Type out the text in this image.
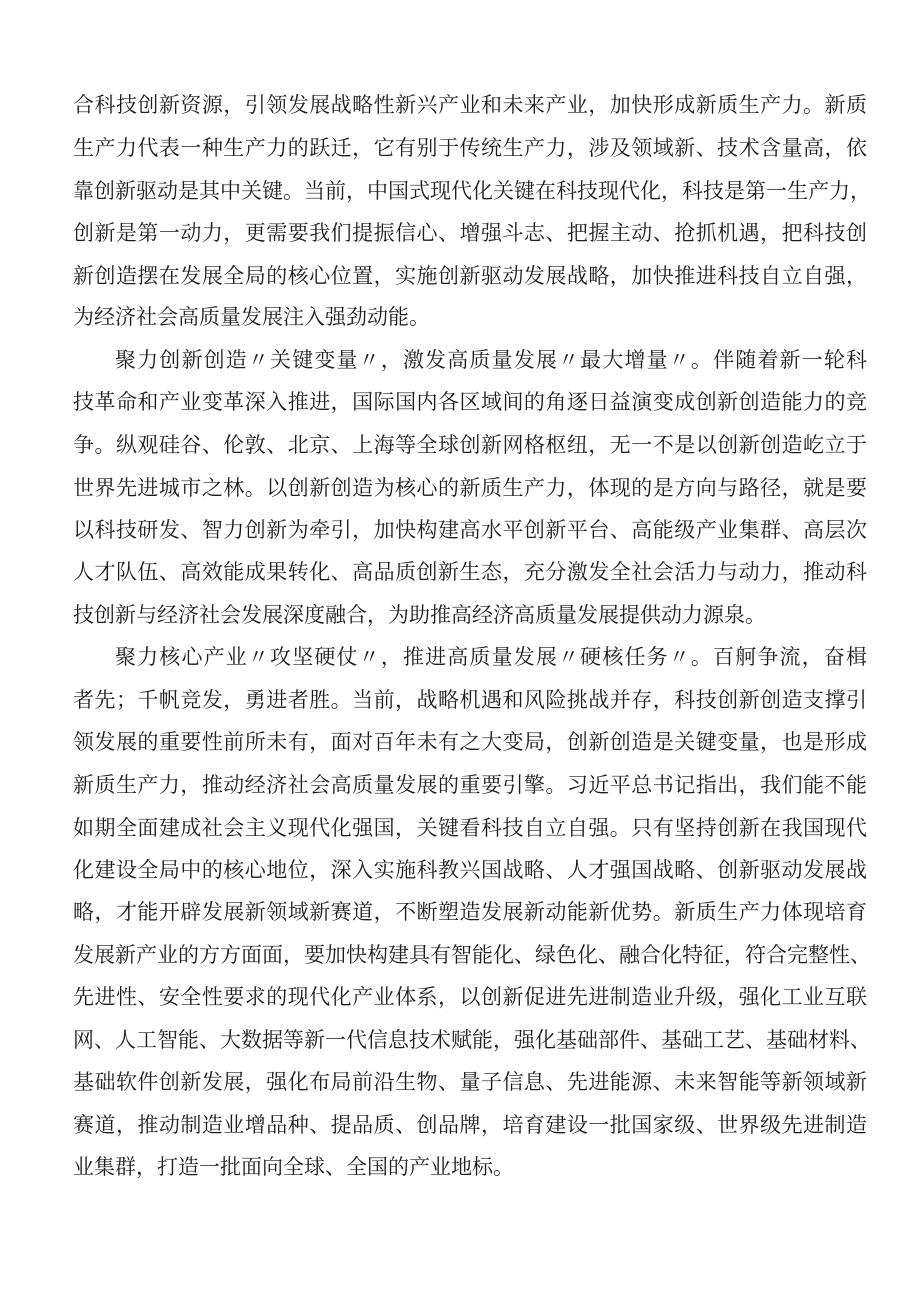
合科技创新资源，引领发展战略性新兴产业和未来产业，加快形成新质生产力。新质
生产力代表一种生产力的跃迁，它有别于传统生产力，涉及领域新、技术含量高，依
靠创新驱动是其中关键。当前，中国式现代化关键在科技现代化，科技是第一生产力，
创新是第一动力，更需要我们提振信心、增强斗志、把握主动、抢抓机遇，把科技创
新创造摆在发展全局的核心位置，实施创新驱动发展战略，加快推进科技自立自强，
为经济社会高质量发展注入强劲动能。
聚力创新创造〃关键变量〃，激发高质量发展〃最大增量〃。伴随着新一轮科
技革命和产业变革深入推进，国际国内各区域间的角逐日益演变成创新创造能力的竞
争。纵观硅谷、伦敦、北京、上海等全球创新网格枢纽，无一不是以创新创造屹立于
世界先进城市之林。以创新创造为核心的新质生产力，体现的是方向与路径，就是要
以科技研发、智力创新为牵引，加快构建高水平创新平台、高能级产业集群、高层次
人才队伍、高效能成果转化、高品质创新生态，充分激发全社会活力与动力，推动科
技创新与经济社会发展深度融合，为助推高经济高质量发展提供动力源泉。
聚力核心产业〃攻坚硬仗〃，推进高质量发展〃硬核任务〃。百舸争流，奋楫
者先；千帆竞发，勇进者胜。当前，战略机遇和风险挑战并存，科技创新创造支撑引
领发展的重要性前所未有，面对百年未有之大变局，创新创造是关键变量，也是形成
新质生产力，推动经济社会高质量发展的重要引擎。习近平总书记指出，我们能不能
如期全面建成社会主义现代化强国，关键看科技自立自强。只有坚持创新在我国现代
化建设全局中的核心地位，深入实施科教兴国战略、人才强国战略、创新驱动发展战
略，才能开辟发展新领域新赛道，不断塑造发展新动能新优势。新质生产力体现培育
发展新产业的方方面面，要加快构建具有智能化、绿色化、融合化特征，符合完整性、
先进性、安全性要求的现代化产业体系，以创新促进先进制造业升级，强化工业互联
网、人工智能、大数据等新一代信息技术赋能，强化基础部件、基础工艺、基础材料、
基础软件创新发展，强化布局前沿生物、量子信息、先进能源、未来智能等新领域新
赛道，推动制造业增品种、提品质、创品牌，培育建设一批国家级、世界级先进制造
业集群，打造一批面向全球、全国的产业地标。
